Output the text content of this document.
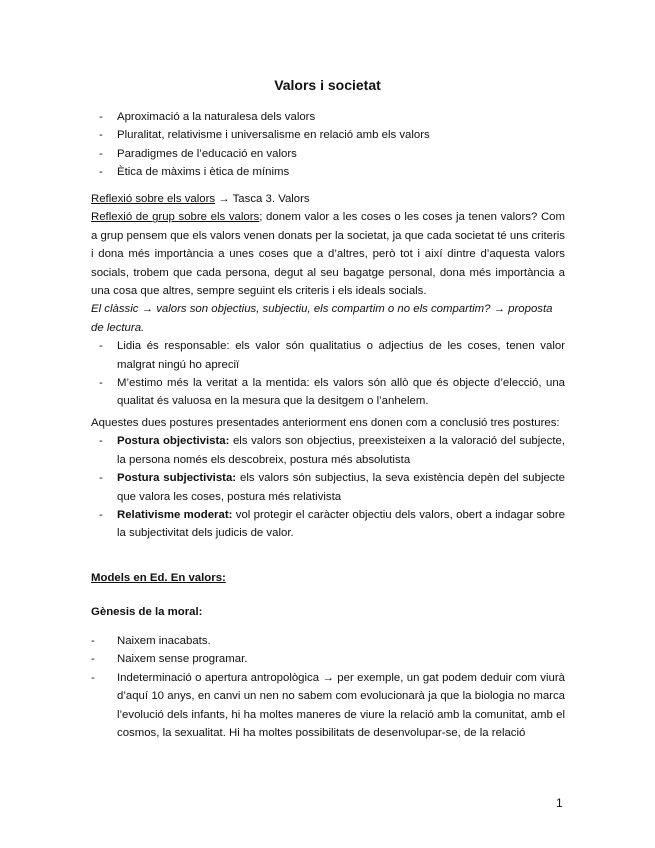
Valors i societat
- Aproximació a la naturalesa dels valors
- Pluralitat, relativisme i universalisme en relació amb els valors
- Paradigmes de l’educació en valors
- Ètica de màxims i ètica de mínims

Reflexió sobre els valors → Tasca 3. Valors

Reflexió de grup sobre els valors; donem valor a les coses o les coses ja tenen valors? Com a grup pensem que els valors venen donats per la societat, ja que cada societat té uns criteris i dona més importància a unes coses que a d’altres, però tot i així dintre d’aquesta valors socials, trobem que cada persona, degut al seu bagatge personal, dona més importància a una cosa que altres, sempre seguint els criteris i els ideals socials.

El clàssic → valors son objectius, subjectiu, els compartim o no els compartim? → proposta de lectura.

- Lidia és responsable: els valor són qualitatius o adjectius de les coses, tenen valor malgrat ningú ho apreciï
- M’estimo més la veritat a la mentida: els valors són allò que és objecte d’elecció, una qualitat és valuosa en la mesura que la desitgem o l’anhelem.

Aquestes dues postures presentades anteriorment ens donen com a conclusió tres postures:

- Postura objectivista: els valors son objectius, preexisteixen a la valoració del subjecte, la persona només els descobreix, postura més absolutista
- Postura subjectivista: els valors són subjectius, la seva existència depèn del subjecte que valora les coses, postura més relativista
- Relativisme moderat: vol protegir el caràcter objectiu dels valors, obert a indagar sobre la subjectivitat dels judicis de valor.

Models en Ed. En valors:

Gènesis de la moral:

- Naixem inacabats.
- Naixem sense programar.
- Indeterminació o apertura antropològica → per exemple, un gat podem deduir com viurà d’aquí 10 anys, en canvi un nen no sabem com evolucionarà ja que la biologia no marca l’evolució dels infants, hi ha moltes maneres de viure la relació amb la comunitat, amb el cosmos, la sexualitat. Hi ha moltes possibilitats de desenvolupar-se, de la relació
1
